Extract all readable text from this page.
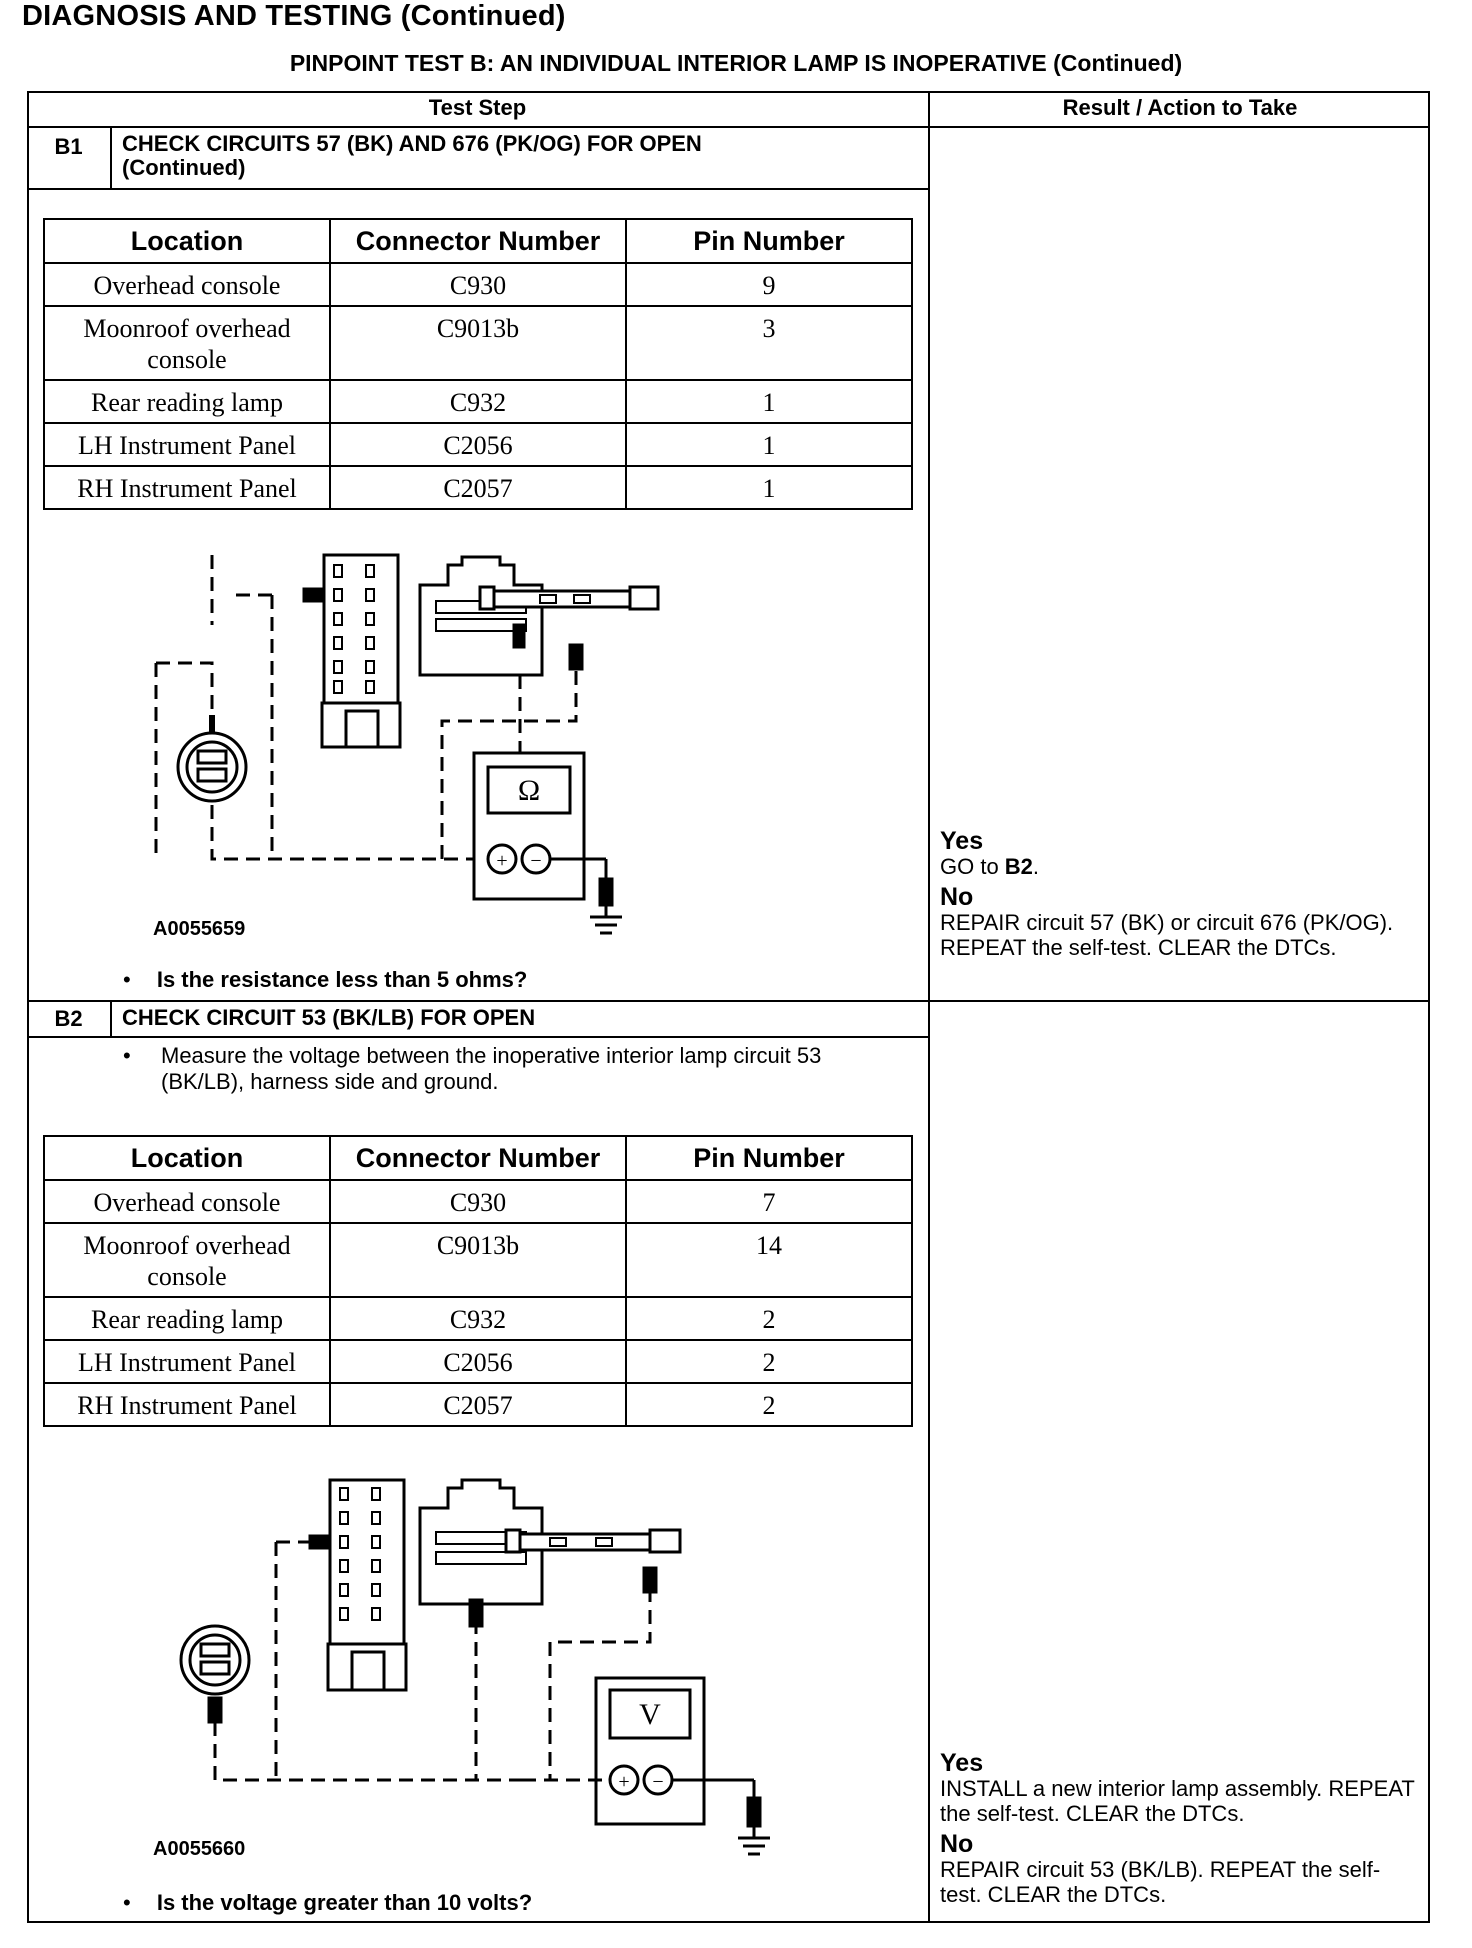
DIAGNOSIS AND TESTING (Continued)
PINPOINT TEST B: AN INDIVIDUAL INTERIOR LAMP IS INOPERATIVE (Continued)
Test Step	Result / Action to Take
B1	CHECK CIRCUITS 57 (BK) AND 676 (PK/OG) FOR OPEN
(Continued)
Location	Connector Number	Pin Number
Overhead console	C930	9
Moonroof overhead console	C9013b	3
Rear reading lamp	C932	1
LH Instrument Panel	C2056	1
RH Instrument Panel	C2057	1
Ω
+ −
A0055659
• Is the resistance less than 5 ohms?
Yes
GO to B2.
No
REPAIR circuit 57 (BK) or circuit 676 (PK/OG). REPEAT the self-test. CLEAR the DTCs.
B2	CHECK CIRCUIT 53 (BK/LB) FOR OPEN
• Measure the voltage between the inoperative interior lamp circuit 53 (BK/LB), harness side and ground.
Location	Connector Number	Pin Number
Overhead console	C930	7
Moonroof overhead console	C9013b	14
Rear reading lamp	C932	2
LH Instrument Panel	C2056	2
RH Instrument Panel	C2057	2
V
+ −
A0055660
• Is the voltage greater than 10 volts?
Yes
INSTALL a new interior lamp assembly. REPEAT the self-test. CLEAR the DTCs.
No
REPAIR circuit 53 (BK/LB). REPEAT the self-test. CLEAR the DTCs.
